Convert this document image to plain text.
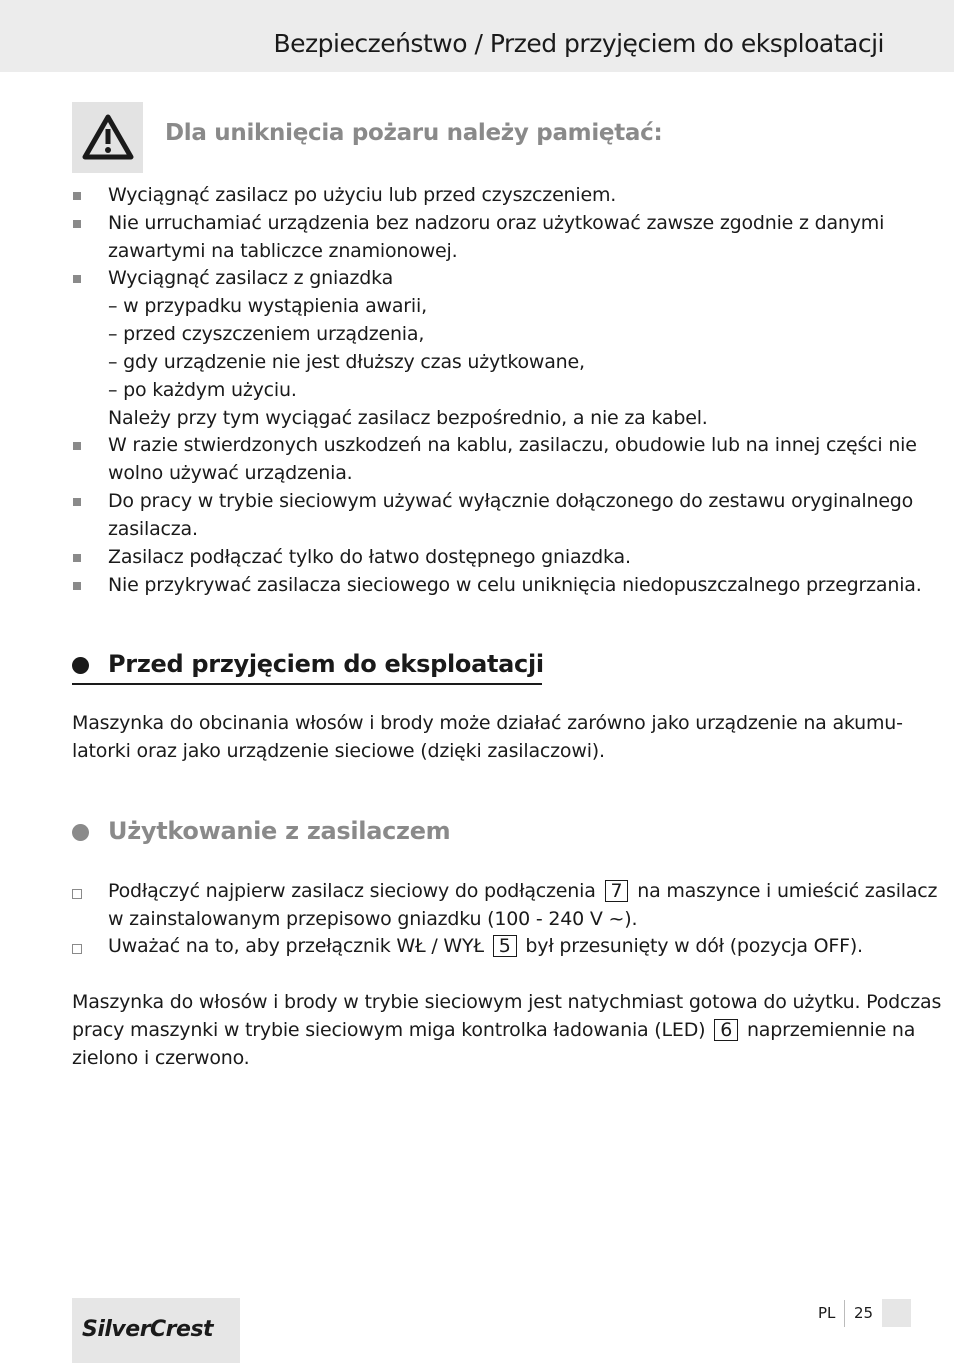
Bezpieczeństwo / Przed przyjęciem do eksploatacji
Dla uniknięcia pożaru należy pamiętać:
Wyciągnąć zasilacz po użyciu lub przed czyszczeniem.
Nie urruchamiać urządzenia bez nadzoru oraz użytkować zawsze zgodnie z danymi
zawartymi na tabliczce znamionowej.
Wyciągnąć zasilacz z gniazdka
– w przypadku wystąpienia awarii,
– przed czyszczeniem urządzenia,
– gdy urządzenie nie jest dłuższy czas użytkowane,
– po każdym użyciu.
Należy przy tym wyciągać zasilacz bezpośrednio, a nie za kabel.
W razie stwierdzonych uszkodzeń na kablu, zasilaczu, obudowie lub na innej części nie
wolno używać urządzenia.
Do pracy w trybie sieciowym używać wyłącznie dołączonego do zestawu oryginalnego
zasilacza.
Zasilacz podłączać tylko do łatwo dostępnego gniazdka.
Nie przykrywać zasilacza sieciowego w celu uniknięcia niedopuszczalnego przegrzania.
Przed przyjęciem do eksploatacji
Maszynka do obcinania włosów i brody może działać zarówno jako urządzenie na akumu-
latorki oraz jako urządzenie sieciowe (dzięki zasilaczowi).
Użytkowanie z zasilaczem
Podłączyć najpierw zasilacz sieciowy do podłączenia 7 na maszynce i umieścić zasilacz
w zainstalowanym przepisowo gniazdku (100 - 240 V ~).
Uważać na to, aby przełącznik WŁ / WYŁ 5 był przesunięty w dół (pozycja OFF).
Maszynka do włosów i brody w trybie sieciowym jest natychmiast gotowa do użytku. Podczas
pracy maszynki w trybie sieciowym miga kontrolka ładowania (LED) 6 naprzemiennie na
zielono i czerwono.
SilverCrest
PL 25
